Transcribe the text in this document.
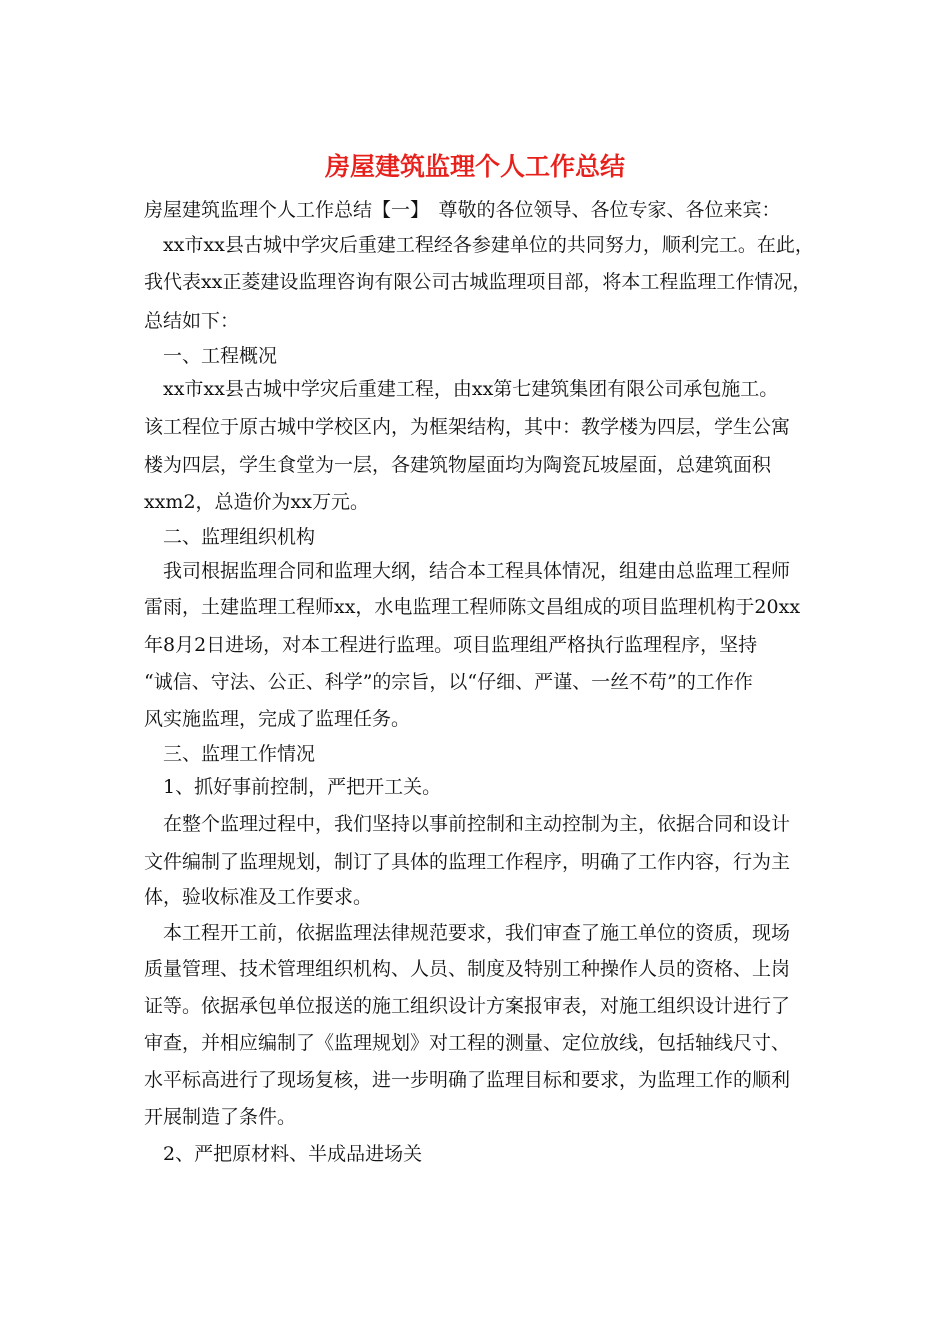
房屋建筑监理个人工作总结
房屋建筑监理个人工作总结【一】　尊敬的各位领导、各位专家、各位来宾：
xx市xx县古城中学灾后重建工程经各参建单位的共同努力，顺利完工。在此，
我代表xx正菱建设监理咨询有限公司古城监理项目部，将本工程监理工作情况，
总结如下：
一、工程概况
xx市xx县古城中学灾后重建工程，由xx第七建筑集团有限公司承包施工。
该工程位于原古城中学校区内，为框架结构，其中：教学楼为四层，学生公寓
楼为四层，学生食堂为一层，各建筑物屋面均为陶瓷瓦坡屋面，总建筑面积
xxm2，总造价为xx万元。
二、监理组织机构
我司根据监理合同和监理大纲，结合本工程具体情况，组建由总监理工程师
雷雨，土建监理工程师xx，水电监理工程师陈文昌组成的项目监理机构于20xx
年8月2日进场，对本工程进行监理。项目监理组严格执行监理程序，坚持
“诚信、守法、公正、科学”的宗旨，以“仔细、严谨、一丝不苟”的工作作
风实施监理，完成了监理任务。
三、监理工作情况
1、抓好事前控制，严把开工关。
在整个监理过程中，我们坚持以事前控制和主动控制为主，依据合同和设计
文件编制了监理规划，制订了具体的监理工作程序，明确了工作内容，行为主
体，验收标准及工作要求。
本工程开工前，依据监理法律规范要求，我们审查了施工单位的资质，现场
质量管理、技术管理组织机构、人员、制度及特别工种操作人员的资格、上岗
证等。依据承包单位报送的施工组织设计方案报审表，对施工组织设计进行了
审查，并相应编制了《监理规划》对工程的测量、定位放线，包括轴线尺寸、
水平标高进行了现场复核，进一步明确了监理目标和要求，为监理工作的顺利
开展制造了条件。
2、严把原材料、半成品进场关
